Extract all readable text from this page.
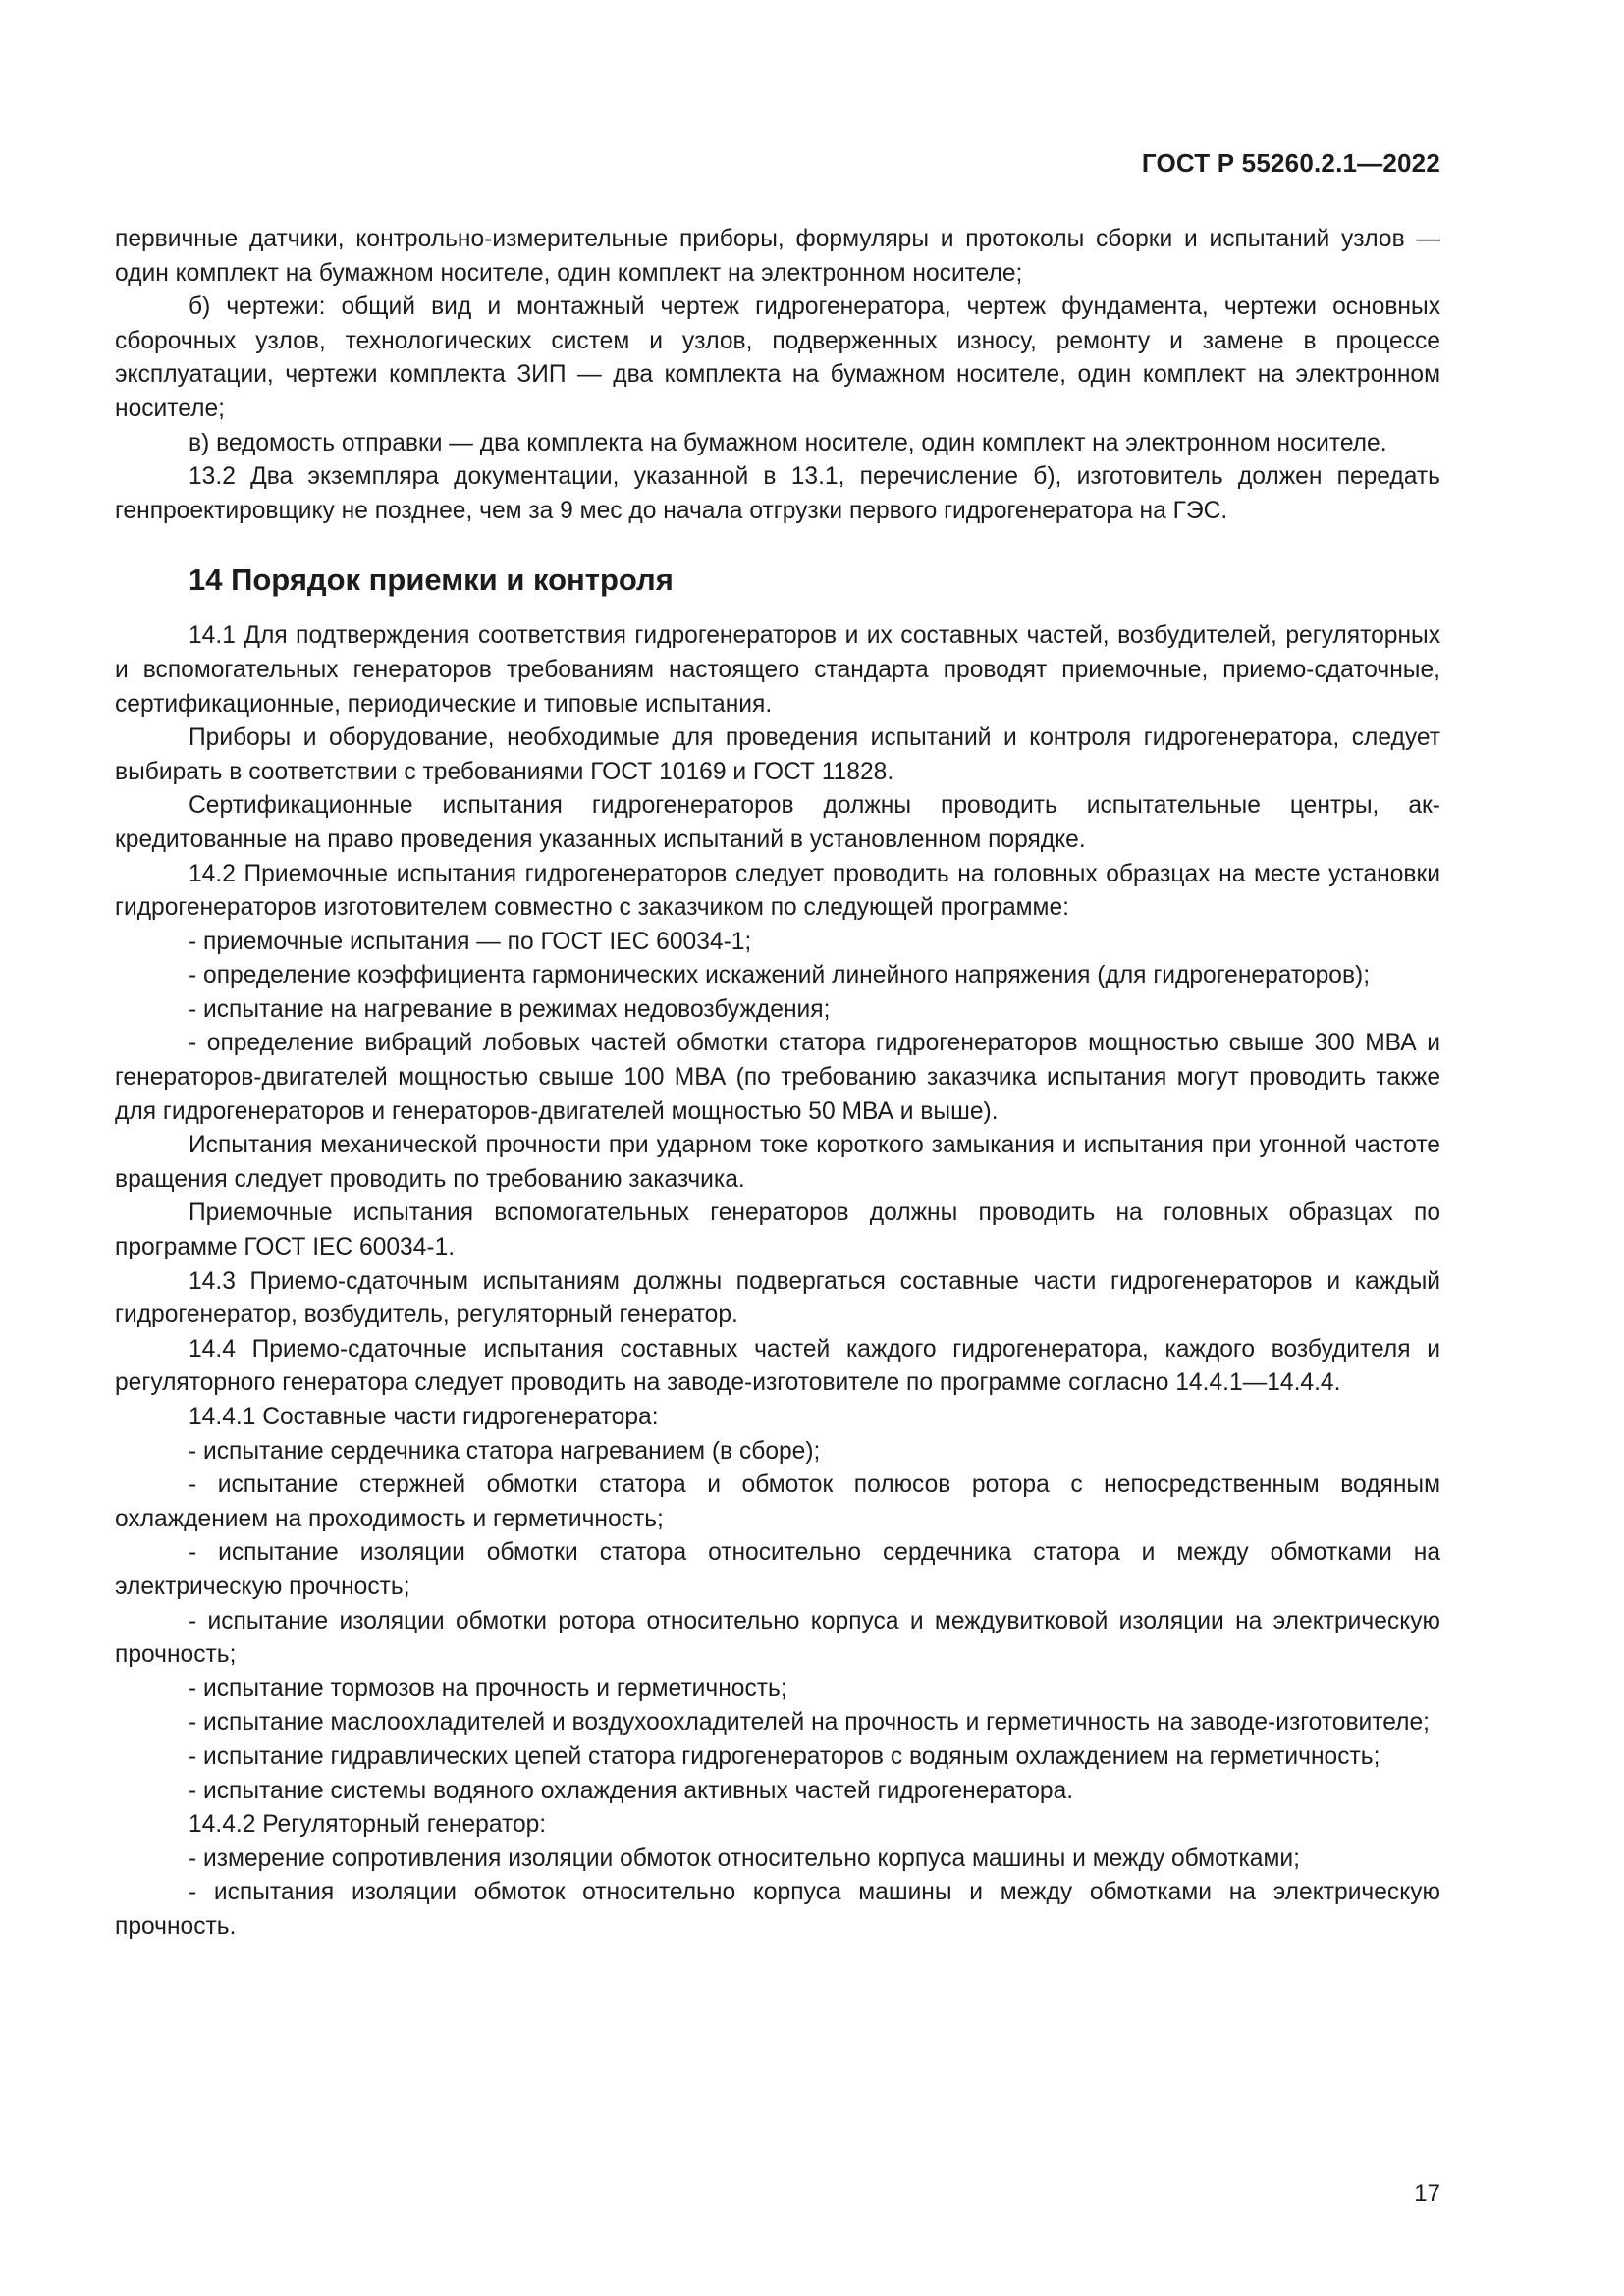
ГОСТ Р 55260.2.1—2022

первичные датчики, контрольно-измерительные приборы, формуляры и протоколы сборки и испытаний узлов — один комплект на бумажном носителе, один комплект на электронном носителе;

б) чертежи: общий вид и монтажный чертеж гидрогенератора, чертеж фундамента, чертежи основных сборочных узлов, технологических систем и узлов, подверженных износу, ремонту и замене в процессе эксплуатации, чертежи комплекта ЗИП — два комплекта на бумажном носителе, один комплект на электронном носителе;

в) ведомость отправки — два комплекта на бумажном носителе, один комплект на электронном носителе.

13.2 Два экземпляра документации, указанной в 13.1, перечисление б), изготовитель должен передать генпроектировщику не позднее, чем за 9 мес до начала отгрузки первого гидрогенератора на ГЭС.

14 Порядок приемки и контроля

14.1 Для подтверждения соответствия гидрогенераторов и их составных частей, возбудителей, регуляторных и вспомогательных генераторов требованиям настоящего стандарта проводят приемочные, приемо-сдаточные, сертификационные, периодические и типовые испытания.

Приборы и оборудование, необходимые для проведения испытаний и контроля гидрогенератора, следует выбирать в соответствии с требованиями ГОСТ 10169 и ГОСТ 11828.

Сертификационные испытания гидрогенераторов должны проводить испытательные центры, аккредитованные на право проведения указанных испытаний в установленном порядке.

14.2 Приемочные испытания гидрогенераторов следует проводить на головных образцах на месте установки гидрогенераторов изготовителем совместно с заказчиком по следующей программе:

- приемочные испытания — по ГОСТ IEC 60034-1;

- определение коэффициента гармонических искажений линейного напряжения (для гидрогенераторов);

- испытание на нагревание в режимах недовозбуждения;

- определение вибраций лобовых частей обмотки статора гидрогенераторов мощностью свыше 300 МВА и генераторов-двигателей мощностью свыше 100 МВА (по требованию заказчика испытания могут проводить также для гидрогенераторов и генераторов-двигателей мощностью 50 МВА и выше).

Испытания механической прочности при ударном токе короткого замыкания и испытания при угонной частоте вращения следует проводить по требованию заказчика.

Приемочные испытания вспомогательных генераторов должны проводить на головных образцах по программе ГОСТ IEC 60034-1.

14.3 Приемо-сдаточным испытаниям должны подвергаться составные части гидрогенераторов и каждый гидрогенератор, возбудитель, регуляторный генератор.

14.4 Приемо-сдаточные испытания составных частей каждого гидрогенератора, каждого возбудителя и регуляторного генератора следует проводить на заводе-изготовителе по программе согласно 14.4.1—14.4.4.

14.4.1 Составные части гидрогенератора:

- испытание сердечника статора нагреванием (в сборе);

- испытание стержней обмотки статора и обмоток полюсов ротора с непосредственным водяным охлаждением на проходимость и герметичность;

- испытание изоляции обмотки статора относительно сердечника статора и между обмотками на электрическую прочность;

- испытание изоляции обмотки ротора относительно корпуса и междувитковой изоляции на электрическую прочность;

- испытание тормозов на прочность и герметичность;

- испытание маслоохладителей и воздухоохладителей на прочность и герметичность на заводе-изготовителе;

- испытание гидравлических цепей статора гидрогенераторов с водяным охлаждением на герметичность;

- испытание системы водяного охлаждения активных частей гидрогенератора.

14.4.2 Регуляторный генератор:

- измерение сопротивления изоляции обмоток относительно корпуса машины и между обмотками;

- испытания изоляции обмоток относительно корпуса машины и между обмотками на электрическую прочность.

17
